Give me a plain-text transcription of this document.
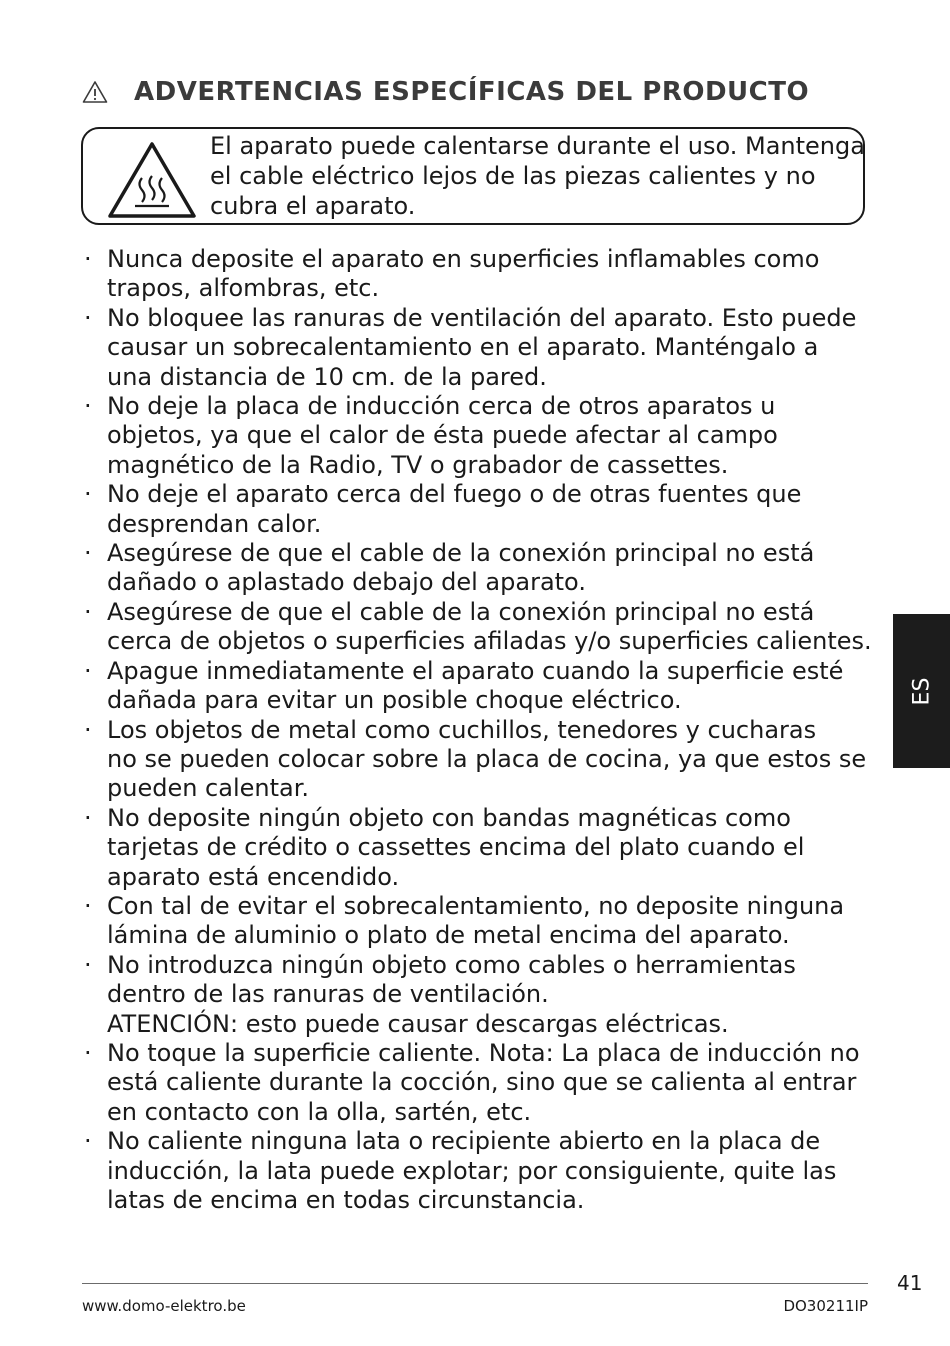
ADVERTENCIAS ESPECÍFICAS DEL PRODUCTO

El aparato puede calentarse durante el uso. Mantenga
el cable eléctrico lejos de las piezas calientes y no
cubra el aparato.

· Nunca deposite el aparato en superficies inflamables como
trapos, alfombras, etc.
· No bloquee las ranuras de ventilación del aparato. Esto puede
causar un sobrecalentamiento en el aparato. Manténgalo a
una distancia de 10 cm. de la pared.
· No deje la placa de inducción cerca de otros aparatos u
objetos, ya que el calor de ésta puede afectar al campo
magnético de la Radio, TV o grabador de cassettes.
· No deje el aparato cerca del fuego o de otras fuentes que
desprendan calor.
· Asegúrese de que el cable de la conexión principal no está
dañado o aplastado debajo del aparato.
· Asegúrese de que el cable de la conexión principal no está
cerca de objetos o superficies afiladas y/o superficies calientes.
· Apague inmediatamente el aparato cuando la superficie esté
dañada para evitar un posible choque eléctrico.
· Los objetos de metal como cuchillos, tenedores y cucharas
no se pueden colocar sobre la placa de cocina, ya que estos se
pueden calentar.
· No deposite ningún objeto con bandas magnéticas como
tarjetas de crédito o cassettes encima del plato cuando el
aparato está encendido.
· Con tal de evitar el sobrecalentamiento, no deposite ninguna
lámina de aluminio o plato de metal encima del aparato.
· No introduzca ningún objeto como cables o herramientas
dentro de las ranuras de ventilación.
ATENCIÓN: esto puede causar descargas eléctricas.
· No toque la superficie caliente. Nota: La placa de inducción no
está caliente durante la cocción, sino que se calienta al entrar
en contacto con la olla, sartén, etc.
· No caliente ninguna lata o recipiente abierto en la placa de
inducción, la lata puede explotar; por consiguiente, quite las
latas de encima en todas circunstancia.
ES
41
www.domo-elektro.be	DO30211IP
